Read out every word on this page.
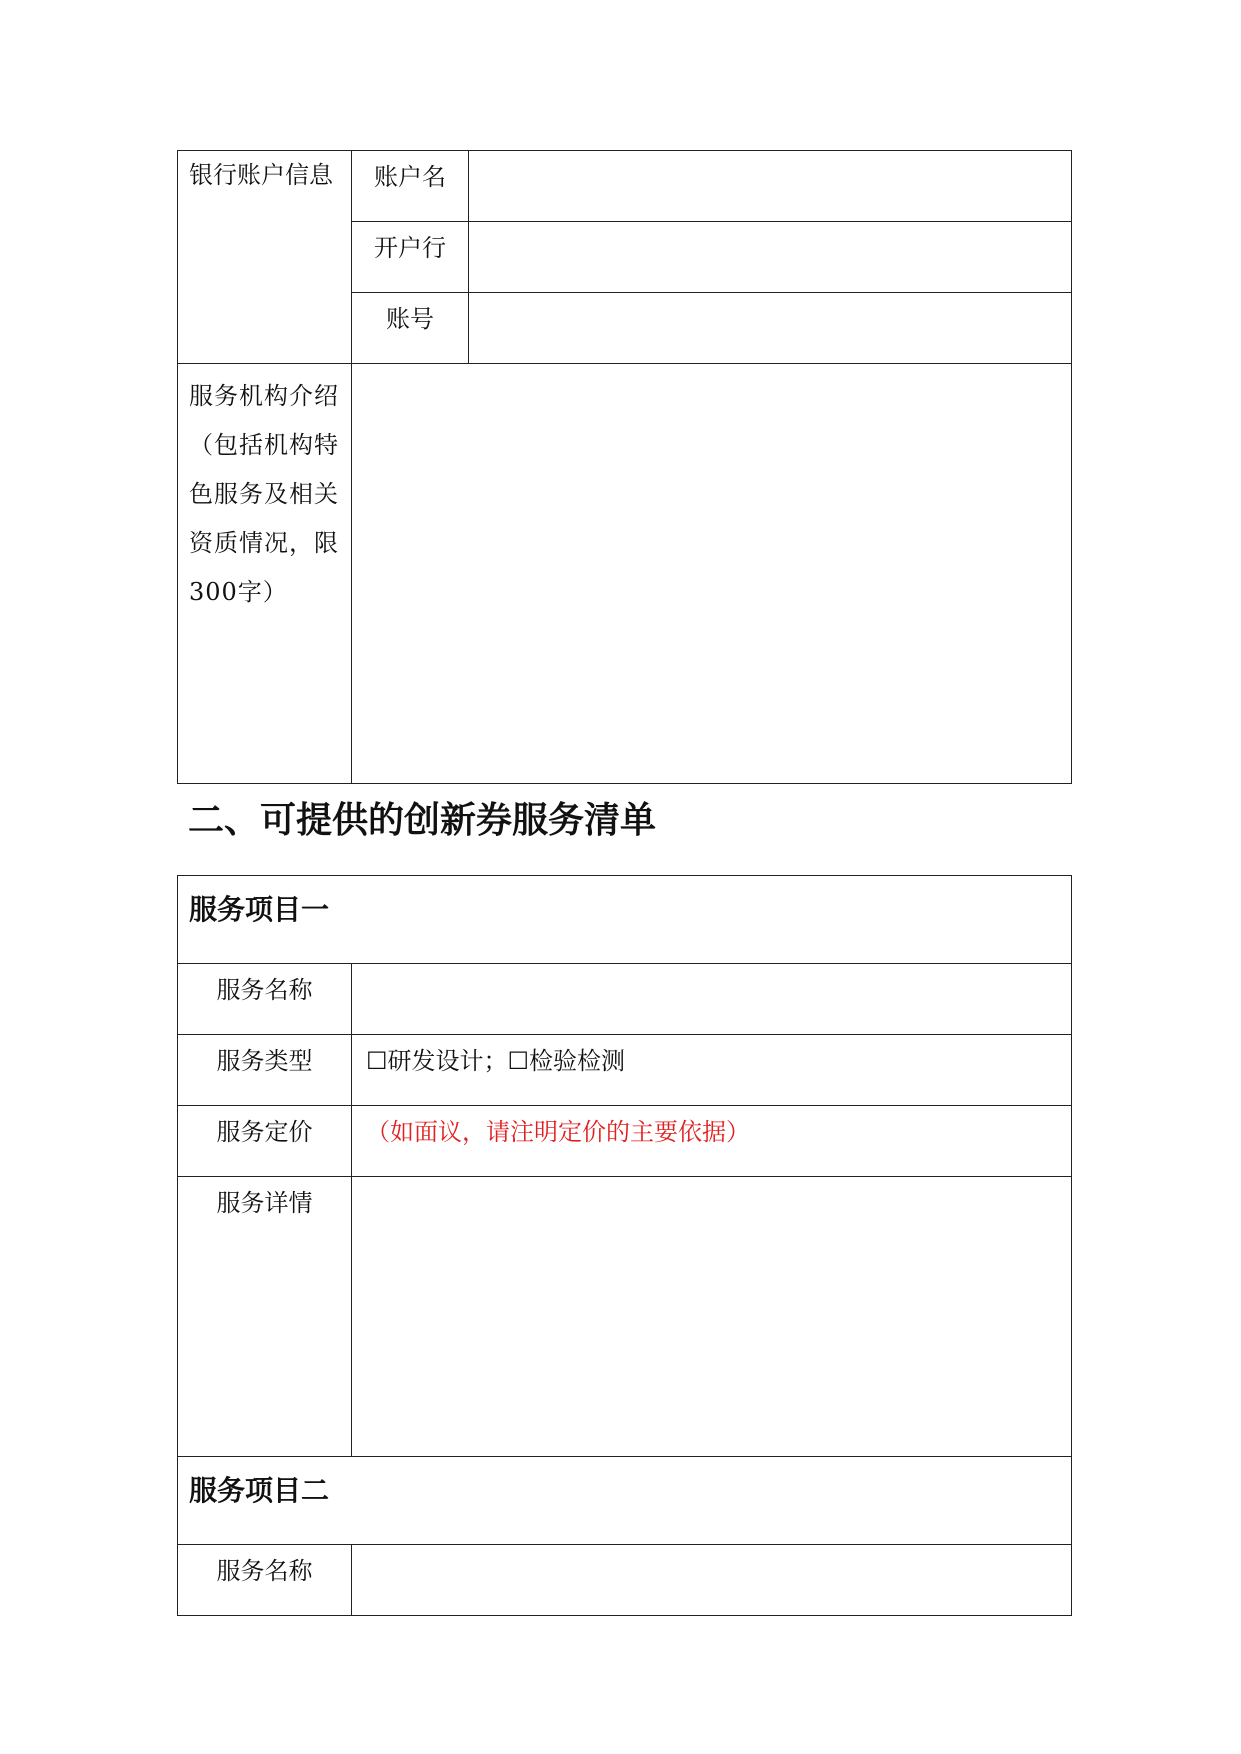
银行账户信息	账户名	
	开户行	
	账号	
服务机构介绍（包括机构特色服务及相关资质情况，限300字）		
二、可提供的创新券服务清单
服务项目一	
服务名称	
服务类型	☐研发设计；☐检验检测
服务定价	（如面议，请注明定价的主要依据）
服务详情	
服务项目二	
服务名称	
